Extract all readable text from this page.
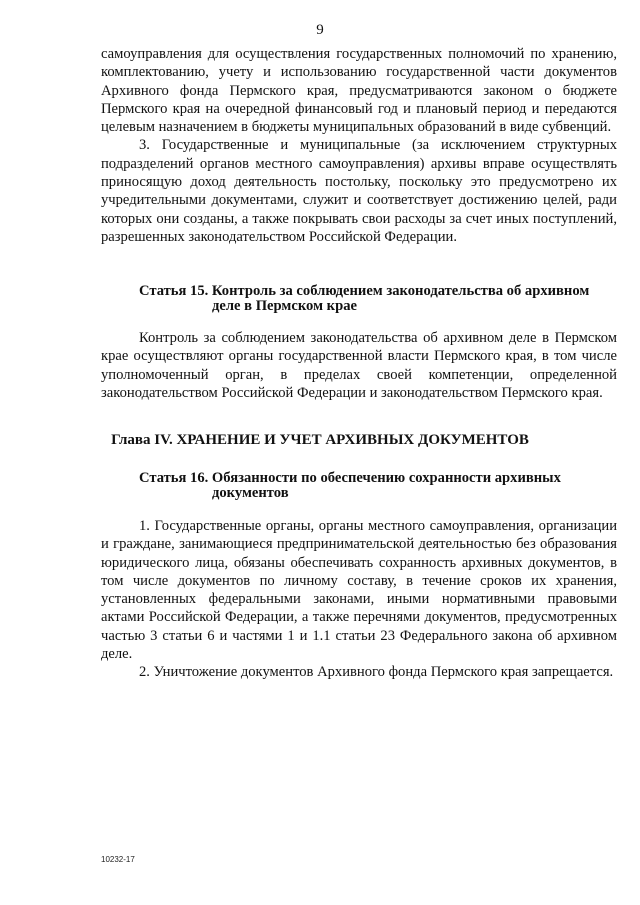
9

самоуправления для осуществления государственных полномочий по хранению, комплектованию, учету и использованию государственной части документов Архивного фонда Пермского края, предусматриваются законом о бюджете Пермского края на очередной финансовый год и плановый период и передаются целевым назначением в бюджеты муниципальных образований в виде субвенций.

3. Государственные и муниципальные (за исключением структурных подразделений органов местного самоуправления) архивы вправе осуществлять приносящую доход деятельность постольку, поскольку это предусмотрено их учредительными документами, служит и соответствует достижению целей, ради которых они созданы, а также покрывать свои расходы за счет иных поступлений, разрешенных законодательством Российской Федерации.

Статья 15. Контроль за соблюдением законодательства об архивном
деле в Пермском крае

Контроль за соблюдением законодательства об архивном деле в Пермском крае осуществляют органы государственной власти Пермского края, в том числе уполномоченный орган, в пределах своей компетенции, определенной законодательством Российской Федерации и законодательством Пермского края.

Глава IV. ХРАНЕНИЕ И УЧЕТ АРХИВНЫХ ДОКУМЕНТОВ
Статья 16. Обязанности по обеспечению сохранности архивных
документов

1. Государственные органы, органы местного самоуправления, организации и граждане, занимающиеся предпринимательской деятельностью без образования юридического лица, обязаны обеспечивать сохранность архивных документов, в том числе документов по личному составу, в течение сроков их хранения, установленных федеральными законами, иными нормативными правовыми актами Российской Федерации, а также перечнями документов, предусмотренных частью 3 статьи 6 и частями 1 и 1.1 статьи 23 Федерального закона об архивном деле.

2. Уничтожение документов Архивного фонда Пермского края запрещается.

10232-17
